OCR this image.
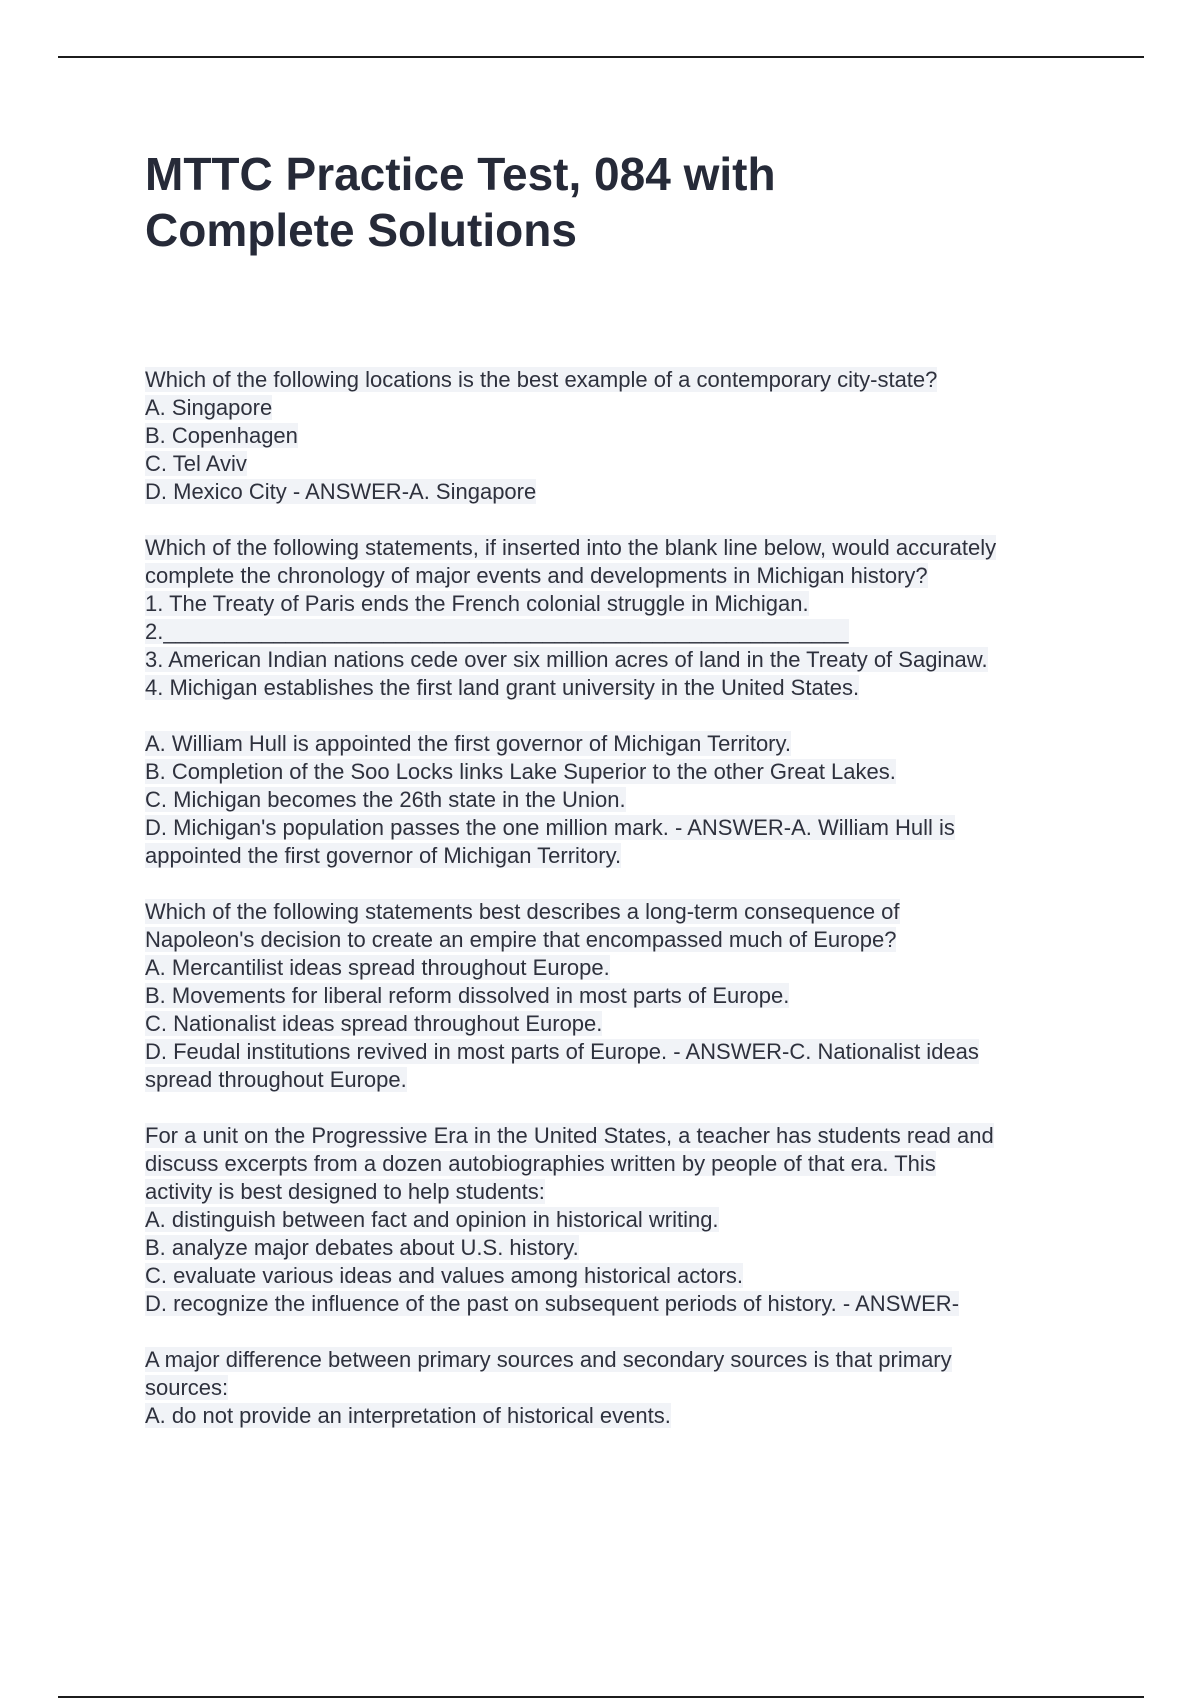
MTTC Practice Test, 084 with
Complete Solutions
Which of the following locations is the best example of a contemporary city-state?
A. Singapore
B. Copenhagen
C. Tel Aviv
D. Mexico City - ANSWER-A. Singapore
Which of the following statements, if inserted into the blank line below, would accurately
complete the chronology of major events and developments in Michigan history?
1. The Treaty of Paris ends the French colonial struggle in Michigan.
2.________________________________________________________
3. American Indian nations cede over six million acres of land in the Treaty of Saginaw.
4. Michigan establishes the first land grant university in the United States.
A. William Hull is appointed the first governor of Michigan Territory.
B. Completion of the Soo Locks links Lake Superior to the other Great Lakes.
C. Michigan becomes the 26th state in the Union.
D. Michigan's population passes the one million mark. - ANSWER-A. William Hull is
appointed the first governor of Michigan Territory.
Which of the following statements best describes a long-term consequence of
Napoleon's decision to create an empire that encompassed much of Europe?
A. Mercantilist ideas spread throughout Europe.
B. Movements for liberal reform dissolved in most parts of Europe.
C. Nationalist ideas spread throughout Europe.
D. Feudal institutions revived in most parts of Europe. - ANSWER-C. Nationalist ideas
spread throughout Europe.
For a unit on the Progressive Era in the United States, a teacher has students read and
discuss excerpts from a dozen autobiographies written by people of that era. This
activity is best designed to help students:
A. distinguish between fact and opinion in historical writing.
B. analyze major debates about U.S. history.
C. evaluate various ideas and values among historical actors.
D. recognize the influence of the past on subsequent periods of history. - ANSWER-
A major difference between primary sources and secondary sources is that primary
sources:
A. do not provide an interpretation of historical events.
